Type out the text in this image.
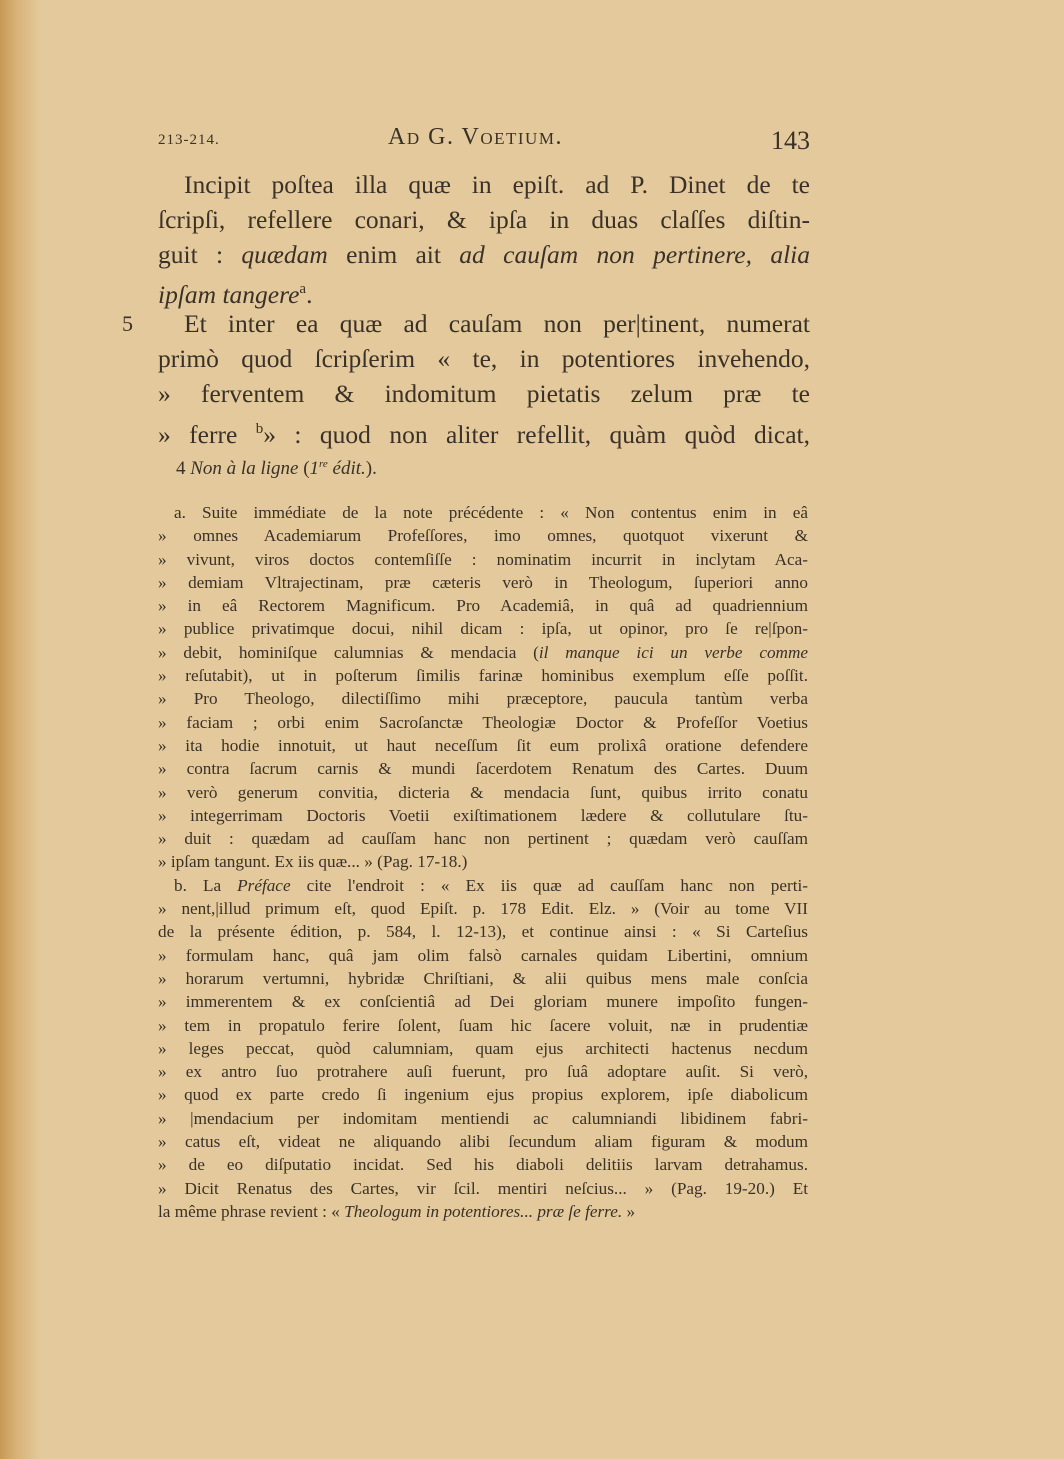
213-214.	Ad G. Voetium.	143
5
Incipit poſtea illa quæ in epiſt. ad P. Dinet de te
ſcripſi, refellere conari, & ipſa in duas claſſes diſtin-
guit : quædam enim ait ad cauſam non pertinere, alia
ipſam tangere$^a$.
Et inter ea quæ ad cauſam non per|tinent, numerat
primò quod ſcripſerim « te, in potentiores invehendo,
» ferventem & indomitum pietatis zelum præ te
» ferre $^b$» : quod non aliter refellit, quàm quòd dicat,
4 Non à la ligne (1re édit.).
a. Suite immédiate de la note précédente : « Non contentus enim in eâ
» omnes Academiarum Profeſſores, imo omnes, quotquot vixerunt &
» vivunt, viros doctos contemſiſſe : nominatim incurrit in inclytam Aca-
» demiam Vltrajectinam, præ cæteris verò in Theologum, ſuperiori anno
» in eâ Rectorem Magnificum. Pro Academiâ, in quâ ad quadriennium
» publice privatimque docui, nihil dicam : ipſa, ut opinor, pro ſe re|ſpon-
» debit, hominiſque calumnias & mendacia (il manque ici un verbe comme
» reſutabit), ut in poſterum ſimilis farinæ hominibus exemplum eſſe poſſit.
» Pro Theologo, dilectiſſimo mihi præceptore, paucula tantùm verba
» faciam ; orbi enim Sacroſanctæ Theologiæ Doctor & Profeſſor Voetius
» ita hodie innotuit, ut haut neceſſum ſit eum prolixâ oratione defendere
» contra ſacrum carnis & mundi ſacerdotem Renatum des Cartes. Duum
» verò generum convitia, dicteria & mendacia ſunt, quibus irrito conatu
» integerrimam Doctoris Voetii exiſtimationem lædere & collutulare ſtu-
» duit : quædam ad cauſſam hanc non pertinent ; quædam verò cauſſam
» ipſam tangunt. Ex iis quæ... » (Pag. 17-18.)
b. La Préface cite l'endroit : « Ex iis quæ ad cauſſam hanc non perti-
» nent,|illud primum eſt, quod Epiſt. p. 178 Edit. Elz. » (Voir au tome VII
de la présente édition, p. 584, l. 12-13), et continue ainsi : « Si Carteſius
» formulam hanc, quâ jam olim falsò carnales quidam Libertini, omnium
» horarum vertumni, hybridæ Chriſtiani, & alii quibus mens male conſcia
» immerentem & ex conſcientiâ ad Dei gloriam munere impoſito fungen-
» tem in propatulo ferire ſolent, ſuam hic ſacere voluit, næ in prudentiæ
» leges peccat, quòd calumniam, quam ejus architecti hactenus necdum
» ex antro ſuo protrahere auſi fuerunt, pro ſuâ adoptare auſit. Si verò,
» quod ex parte credo ſi ingenium ejus propius explorem, ipſe diabolicum
» |mendacium per indomitam mentiendi ac calumniandi libidinem fabri-
» catus eſt, videat ne aliquando alibi ſecundum aliam figuram & modum
» de eo diſputatio incidat. Sed his diaboli delitiis larvam detrahamus.
» Dicit Renatus des Cartes, vir ſcil. mentiri neſcius... » (Pag. 19-20.) Et
la même phrase revient : « Theologum in potentiores... præ ſe ferre. »
